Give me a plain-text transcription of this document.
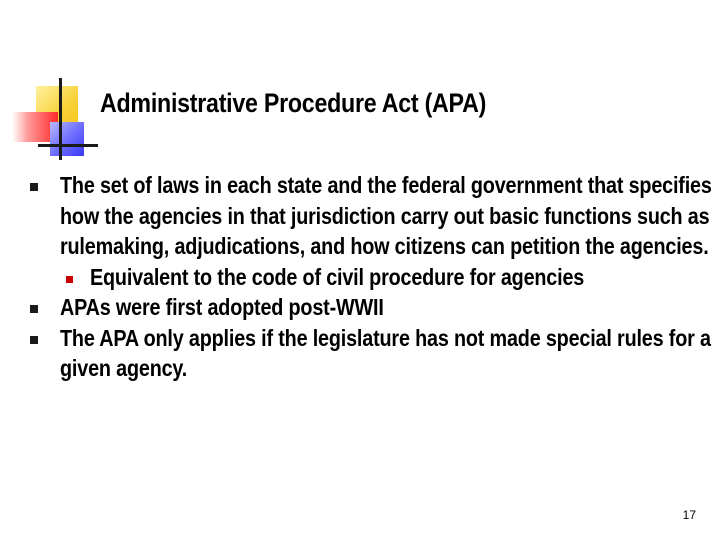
Administrative Procedure Act (APA)
The set of laws in each state and the federal government that specifies how the agencies in that jurisdiction carry out basic functions such as rulemaking, adjudications, and how citizens can petition the agencies.
Equivalent to the code of civil procedure for agencies
APAs were first adopted post-WWII
The APA only applies if the legislature has not made special rules for a given agency.
17
